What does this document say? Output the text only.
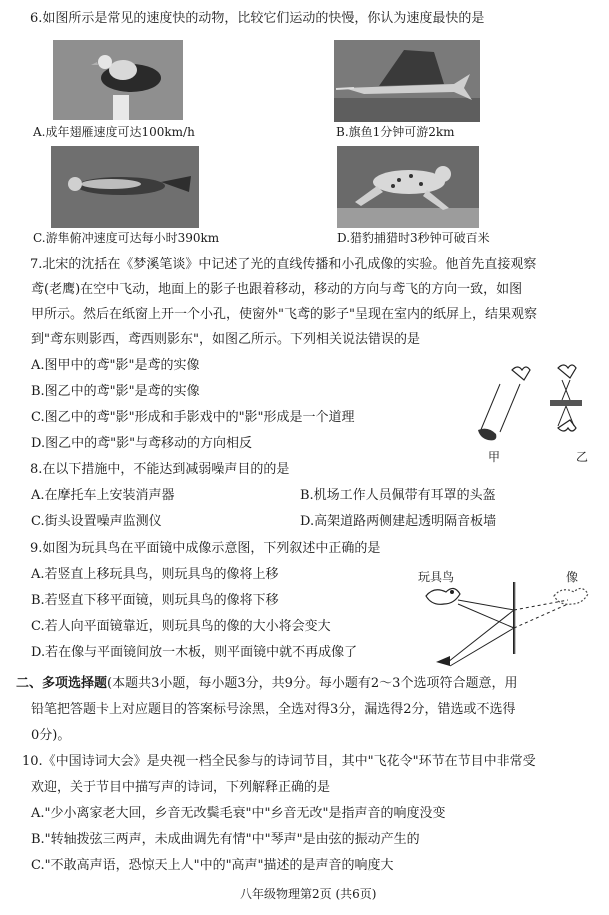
6.如图所示是常见的速度快的动物，比较它们运动的快慢，你认为速度最快的是
A.成年翅雁速度可达100km/h	B.旗鱼1分钟可游2km
C.游隼俯冲速度可达每小时390km	D.猎豹捕猎时3秒钟可破百米
7.北宋的沈括在《梦溪笔谈》中记述了光的直线传播和小孔成像的实验。他首先直接观察
鸢(老鹰)在空中飞动，地面上的影子也跟着移动，移动的方向与鸢飞的方向一致，如图
甲所示。然后在纸窗上开一个小孔，使窗外"飞鸢的影子"呈现在室内的纸屏上，结果观察
到"鸢东则影西，鸢西则影东"，如图乙所示。下列相关说法错误的是
A.图甲中的鸢"影"是鸢的实像
B.图乙中的鸢"影"是鸢的实像
C.图乙中的鸢"影"形成和手影戏中的"影"形成是一个道理
D.图乙中的鸢"影"与鸢移动的方向相反
甲	乙
8.在以下措施中，不能达到减弱噪声目的的是
A.在摩托车上安装消声器	B.机场工作人员佩带有耳罩的头盔
C.街头设置噪声监测仪	D.高架道路两侧建起透明隔音板墙
9.如图为玩具鸟在平面镜中成像示意图，下列叙述中正确的是
A.若竖直上移玩具鸟，则玩具鸟的像将上移
B.若竖直下移平面镜，则玩具鸟的像将下移
C.若人向平面镜靠近，则玩具鸟的像的大小将会变大
D.若在像与平面镜间放一木板，则平面镜中就不再成像了
玩具鸟	像
二、多项选择题(本题共3小题，每小题3分，共9分。每小题有2～3个选项符合题意，用
铅笔把答题卡上对应题目的答案标号涂黑，全选对得3分，漏选得2分，错选或不选得
0分)。
10.《中国诗词大会》是央视一档全民参与的诗词节目，其中"飞花令"环节在节目中非常受
欢迎，关于节目中描写声的诗词，下列解释正确的是
A."少小离家老大回，乡音无改鬓毛衰"中"乡音无改"是指声音的响度没变
B."转轴拨弦三两声，未成曲调先有情"中"琴声"是由弦的振动产生的
C."不敢高声语，恐惊天上人"中的"高声"描述的是声音的响度大
八年级物理第2页 (共6页)
